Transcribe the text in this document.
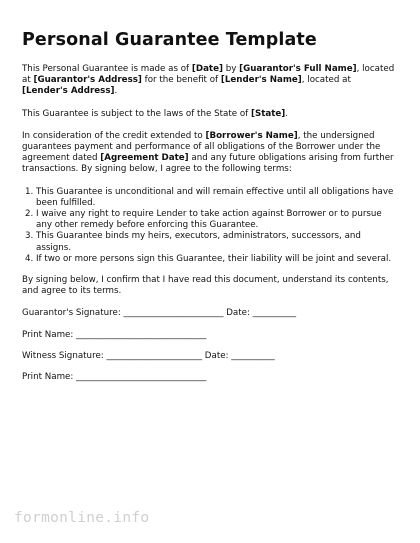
Personal Guarantee Template

This Personal Guarantee is made as of [Date] by [Guarantor's Full Name], located at [Guarantor's Address] for the benefit of [Lender's Name], located at [Lender's Address].

This Guarantee is subject to the laws of the State of [State].

In consideration of the credit extended to [Borrower's Name], the undersigned guarantees payment and performance of all obligations of the Borrower under the agreement dated [Agreement Date] and any future obligations arising from further transactions. By signing below, I agree to the following terms:

1. This Guarantee is unconditional and will remain effective until all obligations have been fulfilled.
2. I waive any right to require Lender to take action against Borrower or to pursue any other remedy before enforcing this Guarantee.
3. This Guarantee binds my heirs, executors, administrators, successors, and assigns.
4. If two or more persons sign this Guarantee, their liability will be joint and several.

By signing below, I confirm that I have read this document, understand its contents, and agree to its terms.

Guarantor's Signature: _______________________ Date: __________
Print Name: ______________________________
Witness Signature: ______________________ Date: __________
Print Name: ______________________________
formonline.info
